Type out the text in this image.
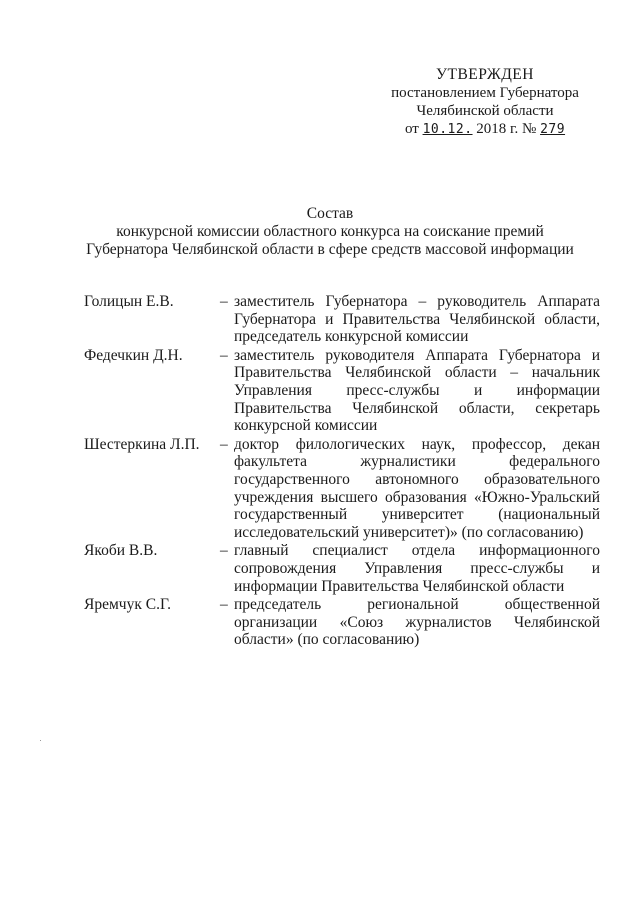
УТВЕРЖДЕН
постановлением Губернатора
Челябинской области
от 10.12. 2018 г. № 279
Состав
конкурсной комиссии областного конкурса на соискание премий
Губернатора Челябинской области в сфере средств массовой информации
Голицын Е.В.	– заместитель Губернатора – руководитель Аппарата Губернатора и Правительства Челябинской области, председатель конкурсной комиссии
Федечкин Д.Н. – заместитель руководителя Аппарата Губернатора и Правительства Челябинской области – начальник Управления пресс-службы и информации Правительства Челябинской области, секретарь конкурсной комиссии
Шестеркина Л.П. – доктор филологических наук, профессор, декан факультета журналистики федерального государственного автономного образовательного учреждения высшего образования «Южно-Уральский государственный университет (национальный исследовательский университет)» (по согласованию)
Якоби В.В.	– главный специалист отдела информационного сопровождения Управления пресс-службы и информации Правительства Челябинской области
Яремчук С.Г.	– председатель региональной общественной организации «Союз журналистов Челябинской области» (по согласованию)
